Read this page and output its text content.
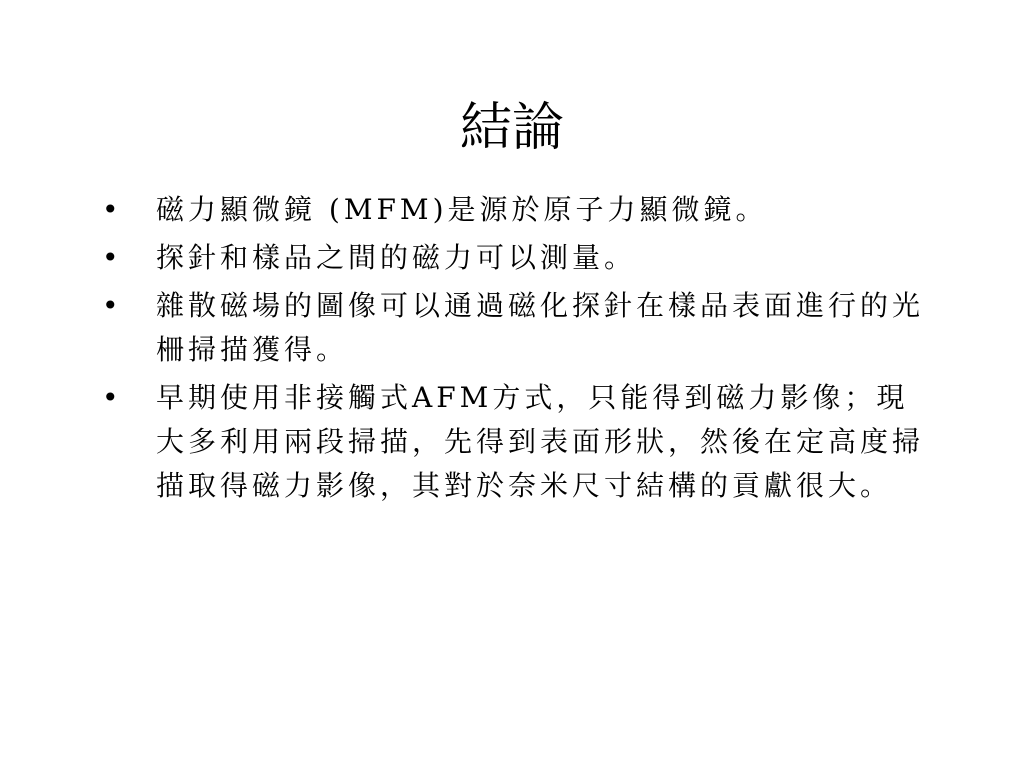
結論
• 磁力顯微鏡 (MFM)是源於原子力顯微鏡。
• 探針和樣品之間的磁力可以測量。
• 雜散磁場的圖像可以通過磁化探針在樣品表面進行的光柵掃描獲得。
• 早期使用非接觸式AFM方式，只能得到磁力影像；現大多利用兩段掃描，先得到表面形狀，然後在定高度掃描取得磁力影像，其對於奈米尺寸結構的貢獻很大。
